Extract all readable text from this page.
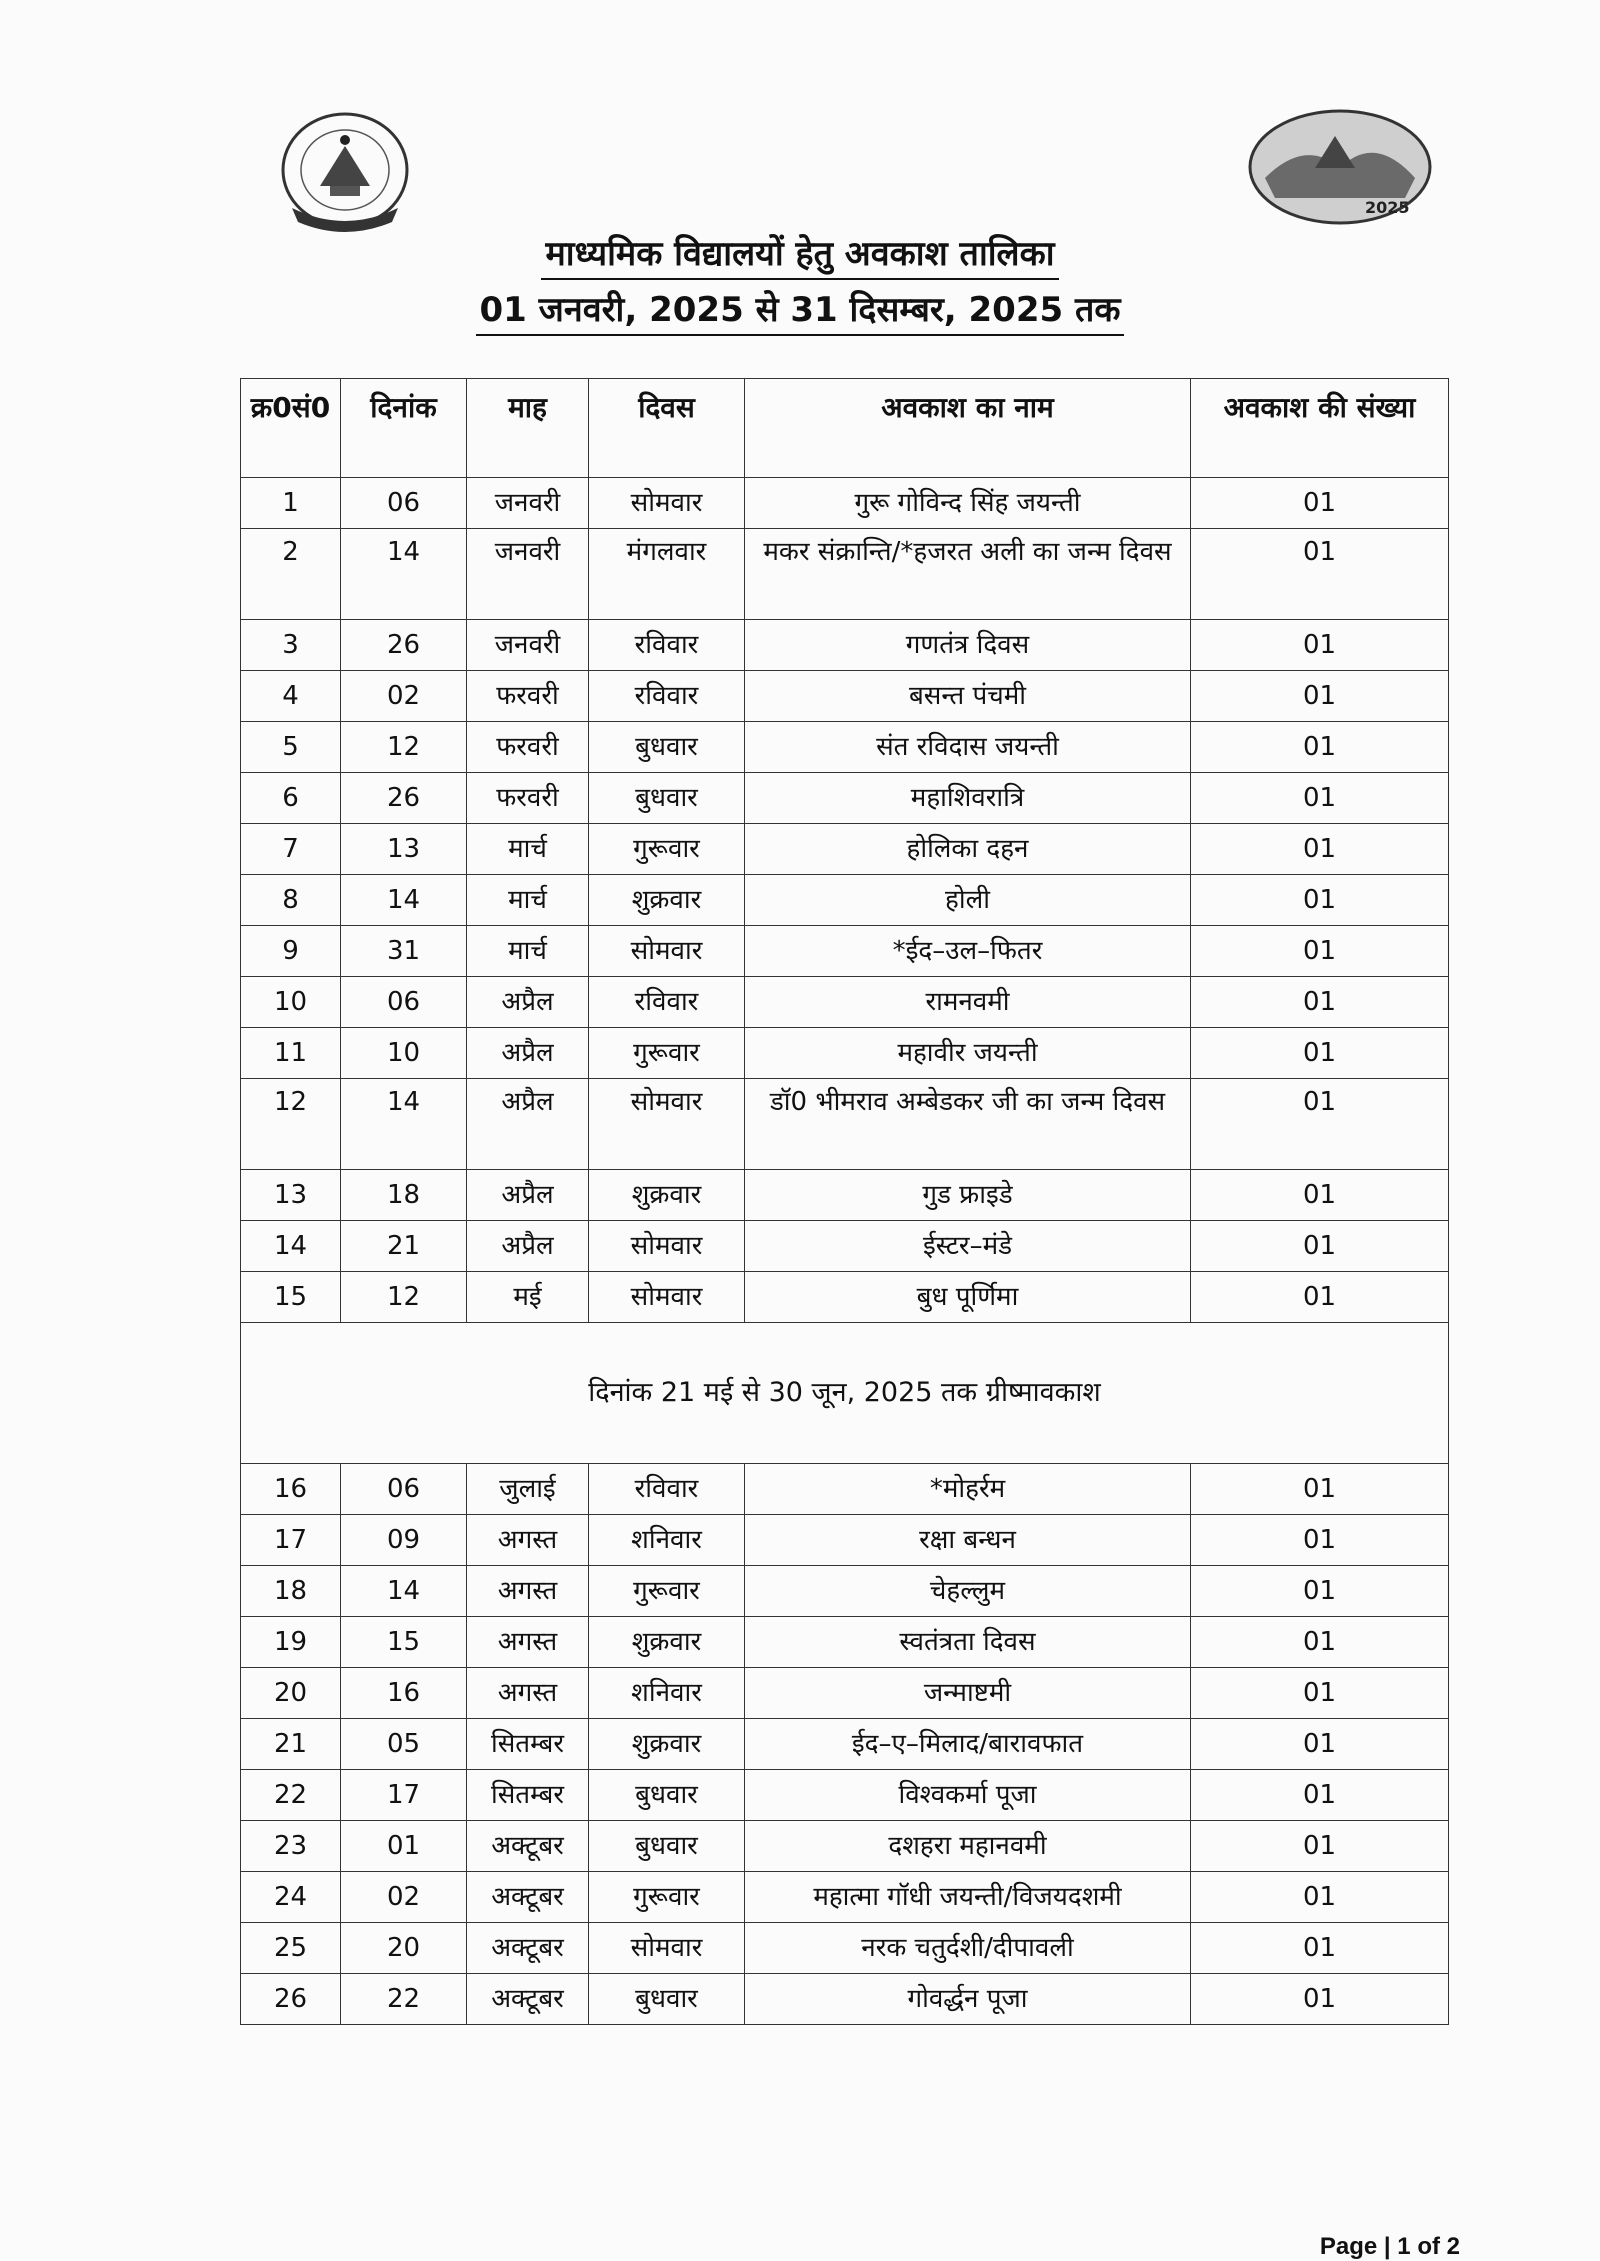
2025
माध्यमिक विद्यालयों हेतु अवकाश तालिका
01 जनवरी, 2025 से 31 दिसम्बर, 2025 तक
क्र0सं0	दिनांक	माह	दिवस	अवकाश का नाम	अवकाश की संख्या
1	06	जनवरी	सोमवार	गुरू गोविन्द सिंह जयन्ती	01
2	14	जनवरी	मंगलवार	मकर संक्रान्ति/*हजरत अली का जन्म दिवस	01
3	26	जनवरी	रविवार	गणतंत्र दिवस	01
4	02	फरवरी	रविवार	बसन्त पंचमी	01
5	12	फरवरी	बुधवार	संत रविदास जयन्ती	01
6	26	फरवरी	बुधवार	महाशिवरात्रि	01
7	13	मार्च	गुरूवार	होलिका दहन	01
8	14	मार्च	शुक्रवार	होली	01
9	31	मार्च	सोमवार	*ईद–उल–फितर	01
10	06	अप्रैल	रविवार	रामनवमी	01
11	10	अप्रैल	गुरूवार	महावीर जयन्ती	01
12	14	अप्रैल	सोमवार	डॉ0 भीमराव अम्बेडकर जी का जन्म दिवस	01
13	18	अप्रैल	शुक्रवार	गुड फ्राइडे	01
14	21	अप्रैल	सोमवार	ईस्टर–मंडे	01
15	12	मई	सोमवार	बुध पूर्णिमा	01
दिनांक 21 मई से 30 जून, 2025 तक ग्रीष्मावकाश					
16	06	जुलाई	रविवार	*मोहर्रम	01
17	09	अगस्त	शनिवार	रक्षा बन्धन	01
18	14	अगस्त	गुरूवार	चेहल्लुम	01
19	15	अगस्त	शुक्रवार	स्वतंत्रता दिवस	01
20	16	अगस्त	शनिवार	जन्माष्टमी	01
21	05	सितम्बर	शुक्रवार	ईद–ए–मिलाद/बारावफात	01
22	17	सितम्बर	बुधवार	विश्वकर्मा पूजा	01
23	01	अक्टूबर	बुधवार	दशहरा महानवमी	01
24	02	अक्टूबर	गुरूवार	महात्मा गॉधी जयन्ती/विजयदशमी	01
25	20	अक्टूबर	सोमवार	नरक चतुर्दशी/दीपावली	01
26	22	अक्टूबर	बुधवार	गोवर्द्धन पूजा	01
Page | 1 of 2
